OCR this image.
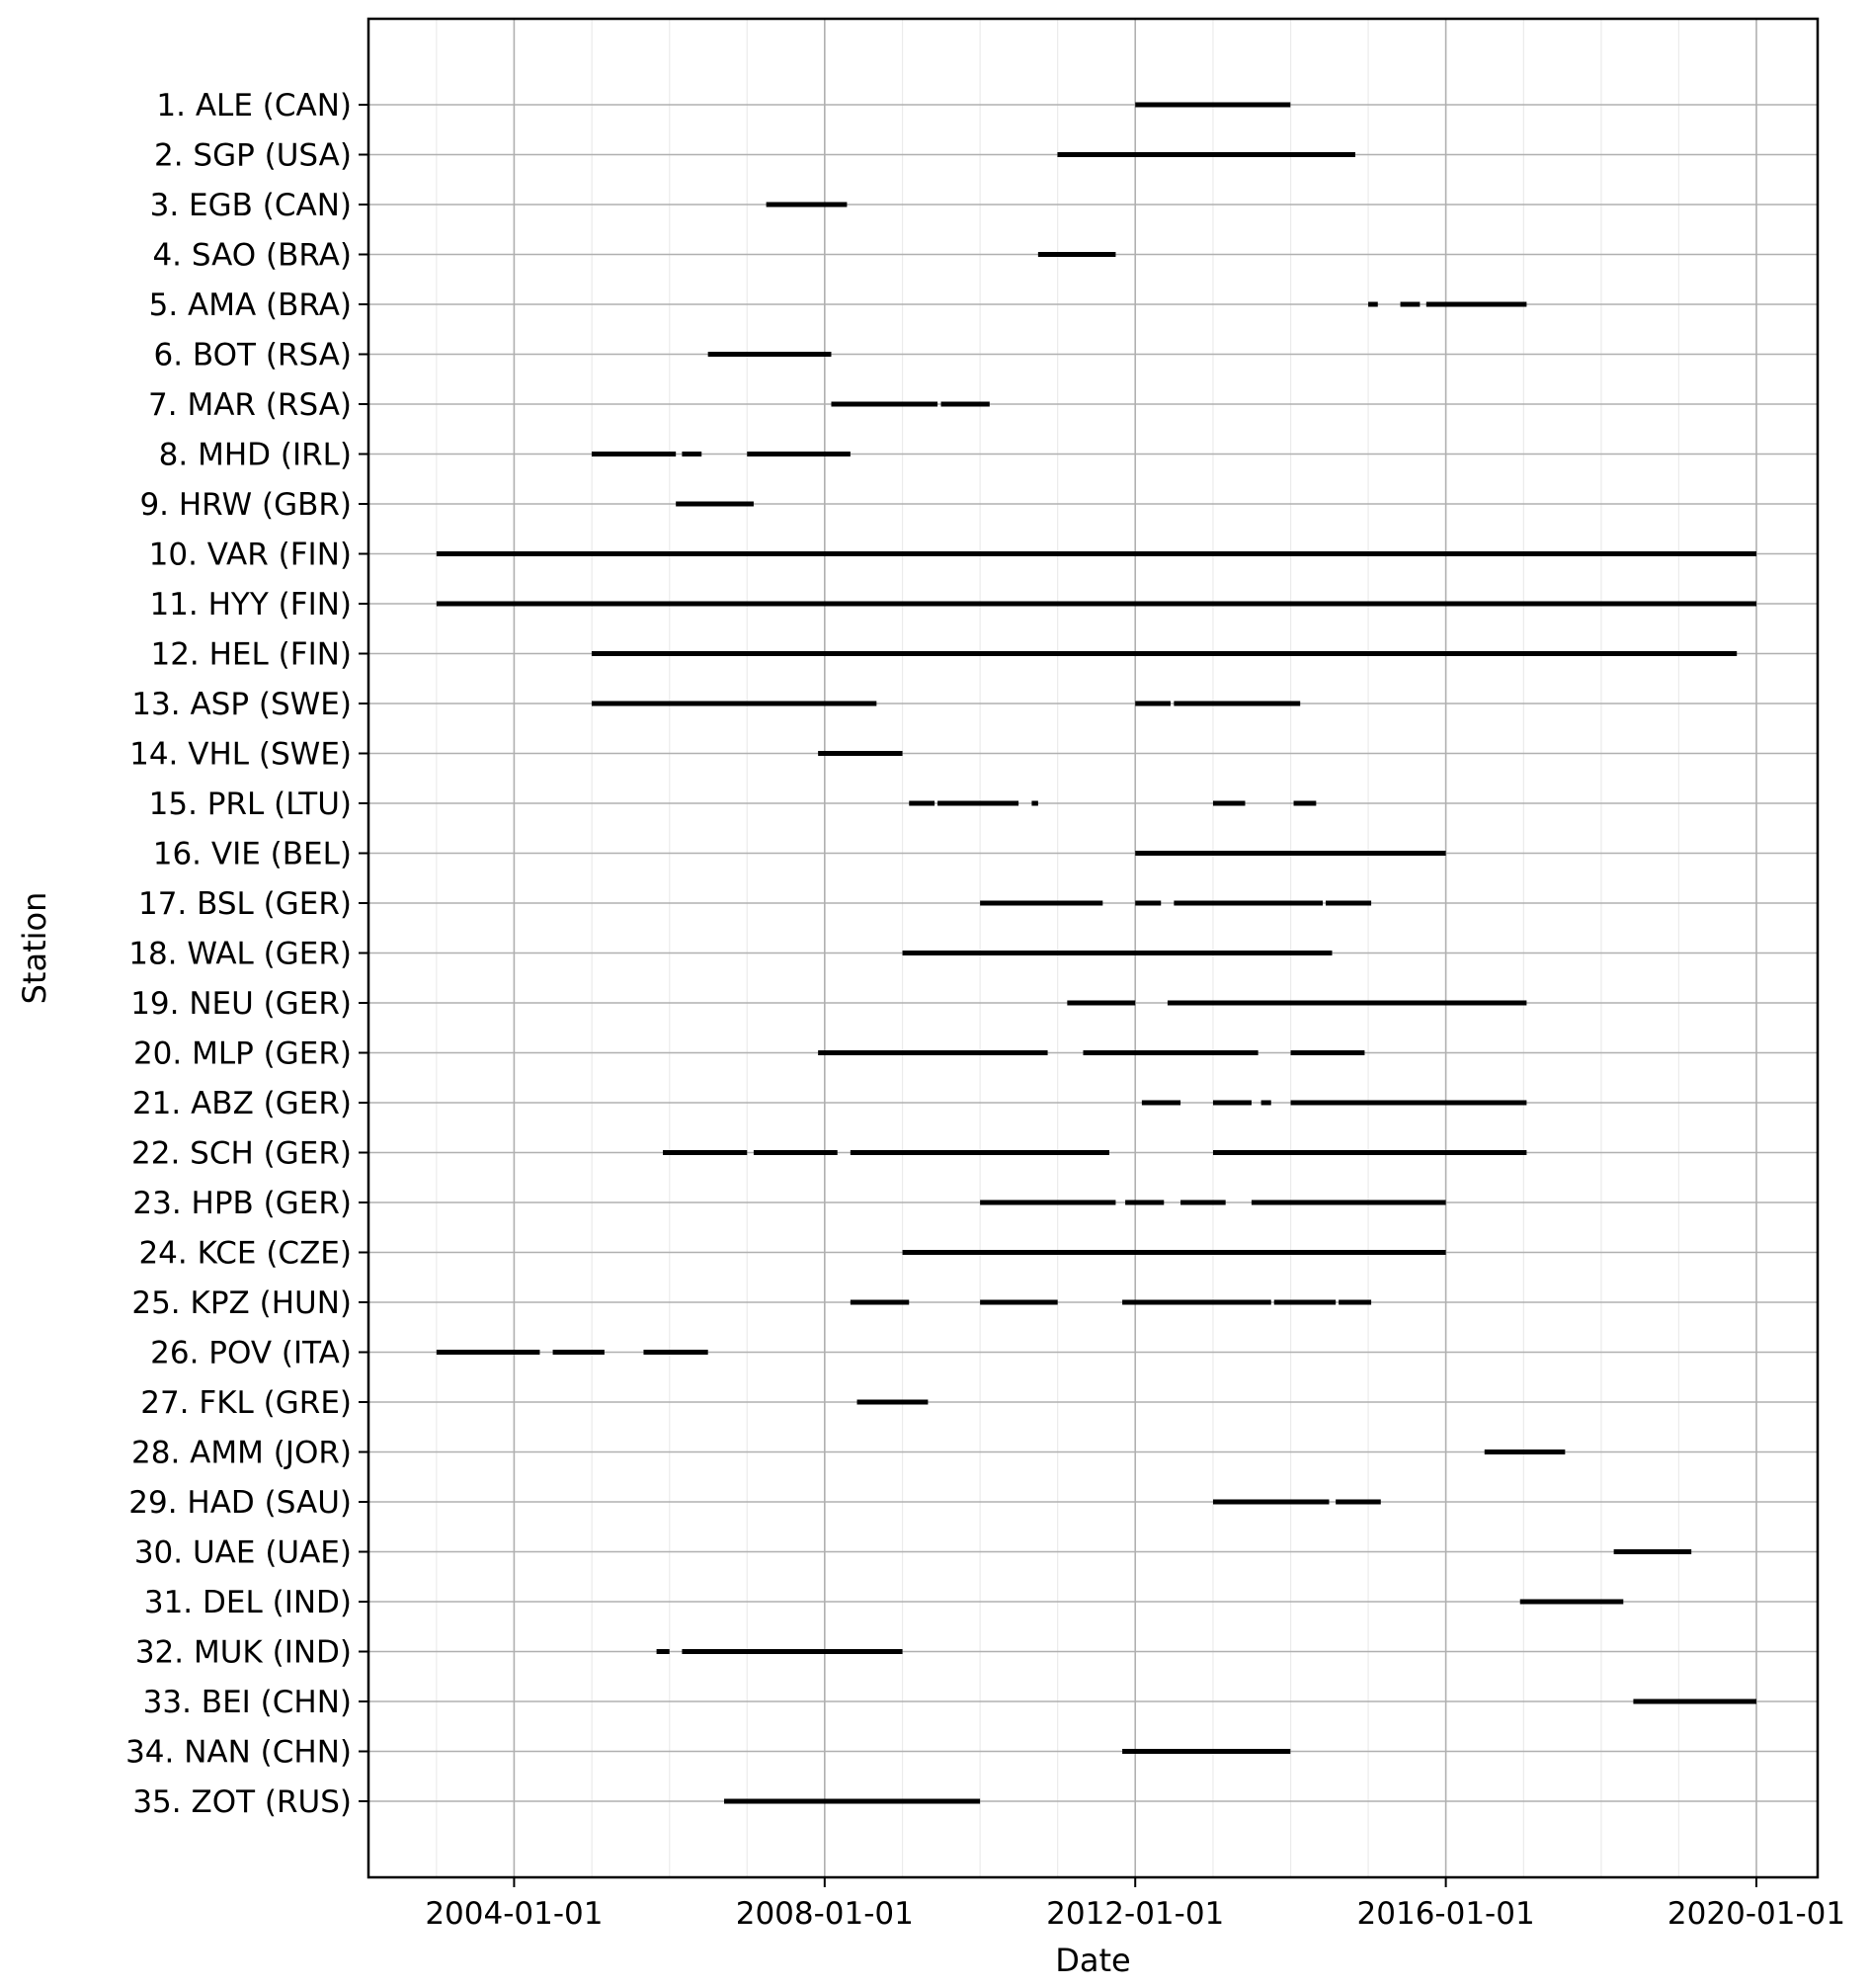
1. ALE (CAN)
2. SGP (USA)
3. EGB (CAN)
4. SAO (BRA)
5. AMA (BRA)
6. BOT (RSA)
7. MAR (RSA)
8. MHD (IRL)
9. HRW (GBR)
10. VAR (FIN)
11. HYY (FIN)
12. HEL (FIN)
13. ASP (SWE)
14. VHL (SWE)
15. PRL (LTU)
16. VIE (BEL)
17. BSL (GER)
18. WAL (GER)
19. NEU (GER)
20. MLP (GER)
21. ABZ (GER)
22. SCH (GER)
23. HPB (GER)
24. KCE (CZE)
25. KPZ (HUN)
26. POV (ITA)
27. FKL (GRE)
28. AMM (JOR)
29. HAD (SAU)
30. UAE (UAE)
31. DEL (IND)
32. MUK (IND)
33. BEI (CHN)
34. NAN (CHN)
35. ZOT (RUS)
2004-01-01	2008-01-01	2012-01-01	2016-01-01	2020-01-01
Date
Station
